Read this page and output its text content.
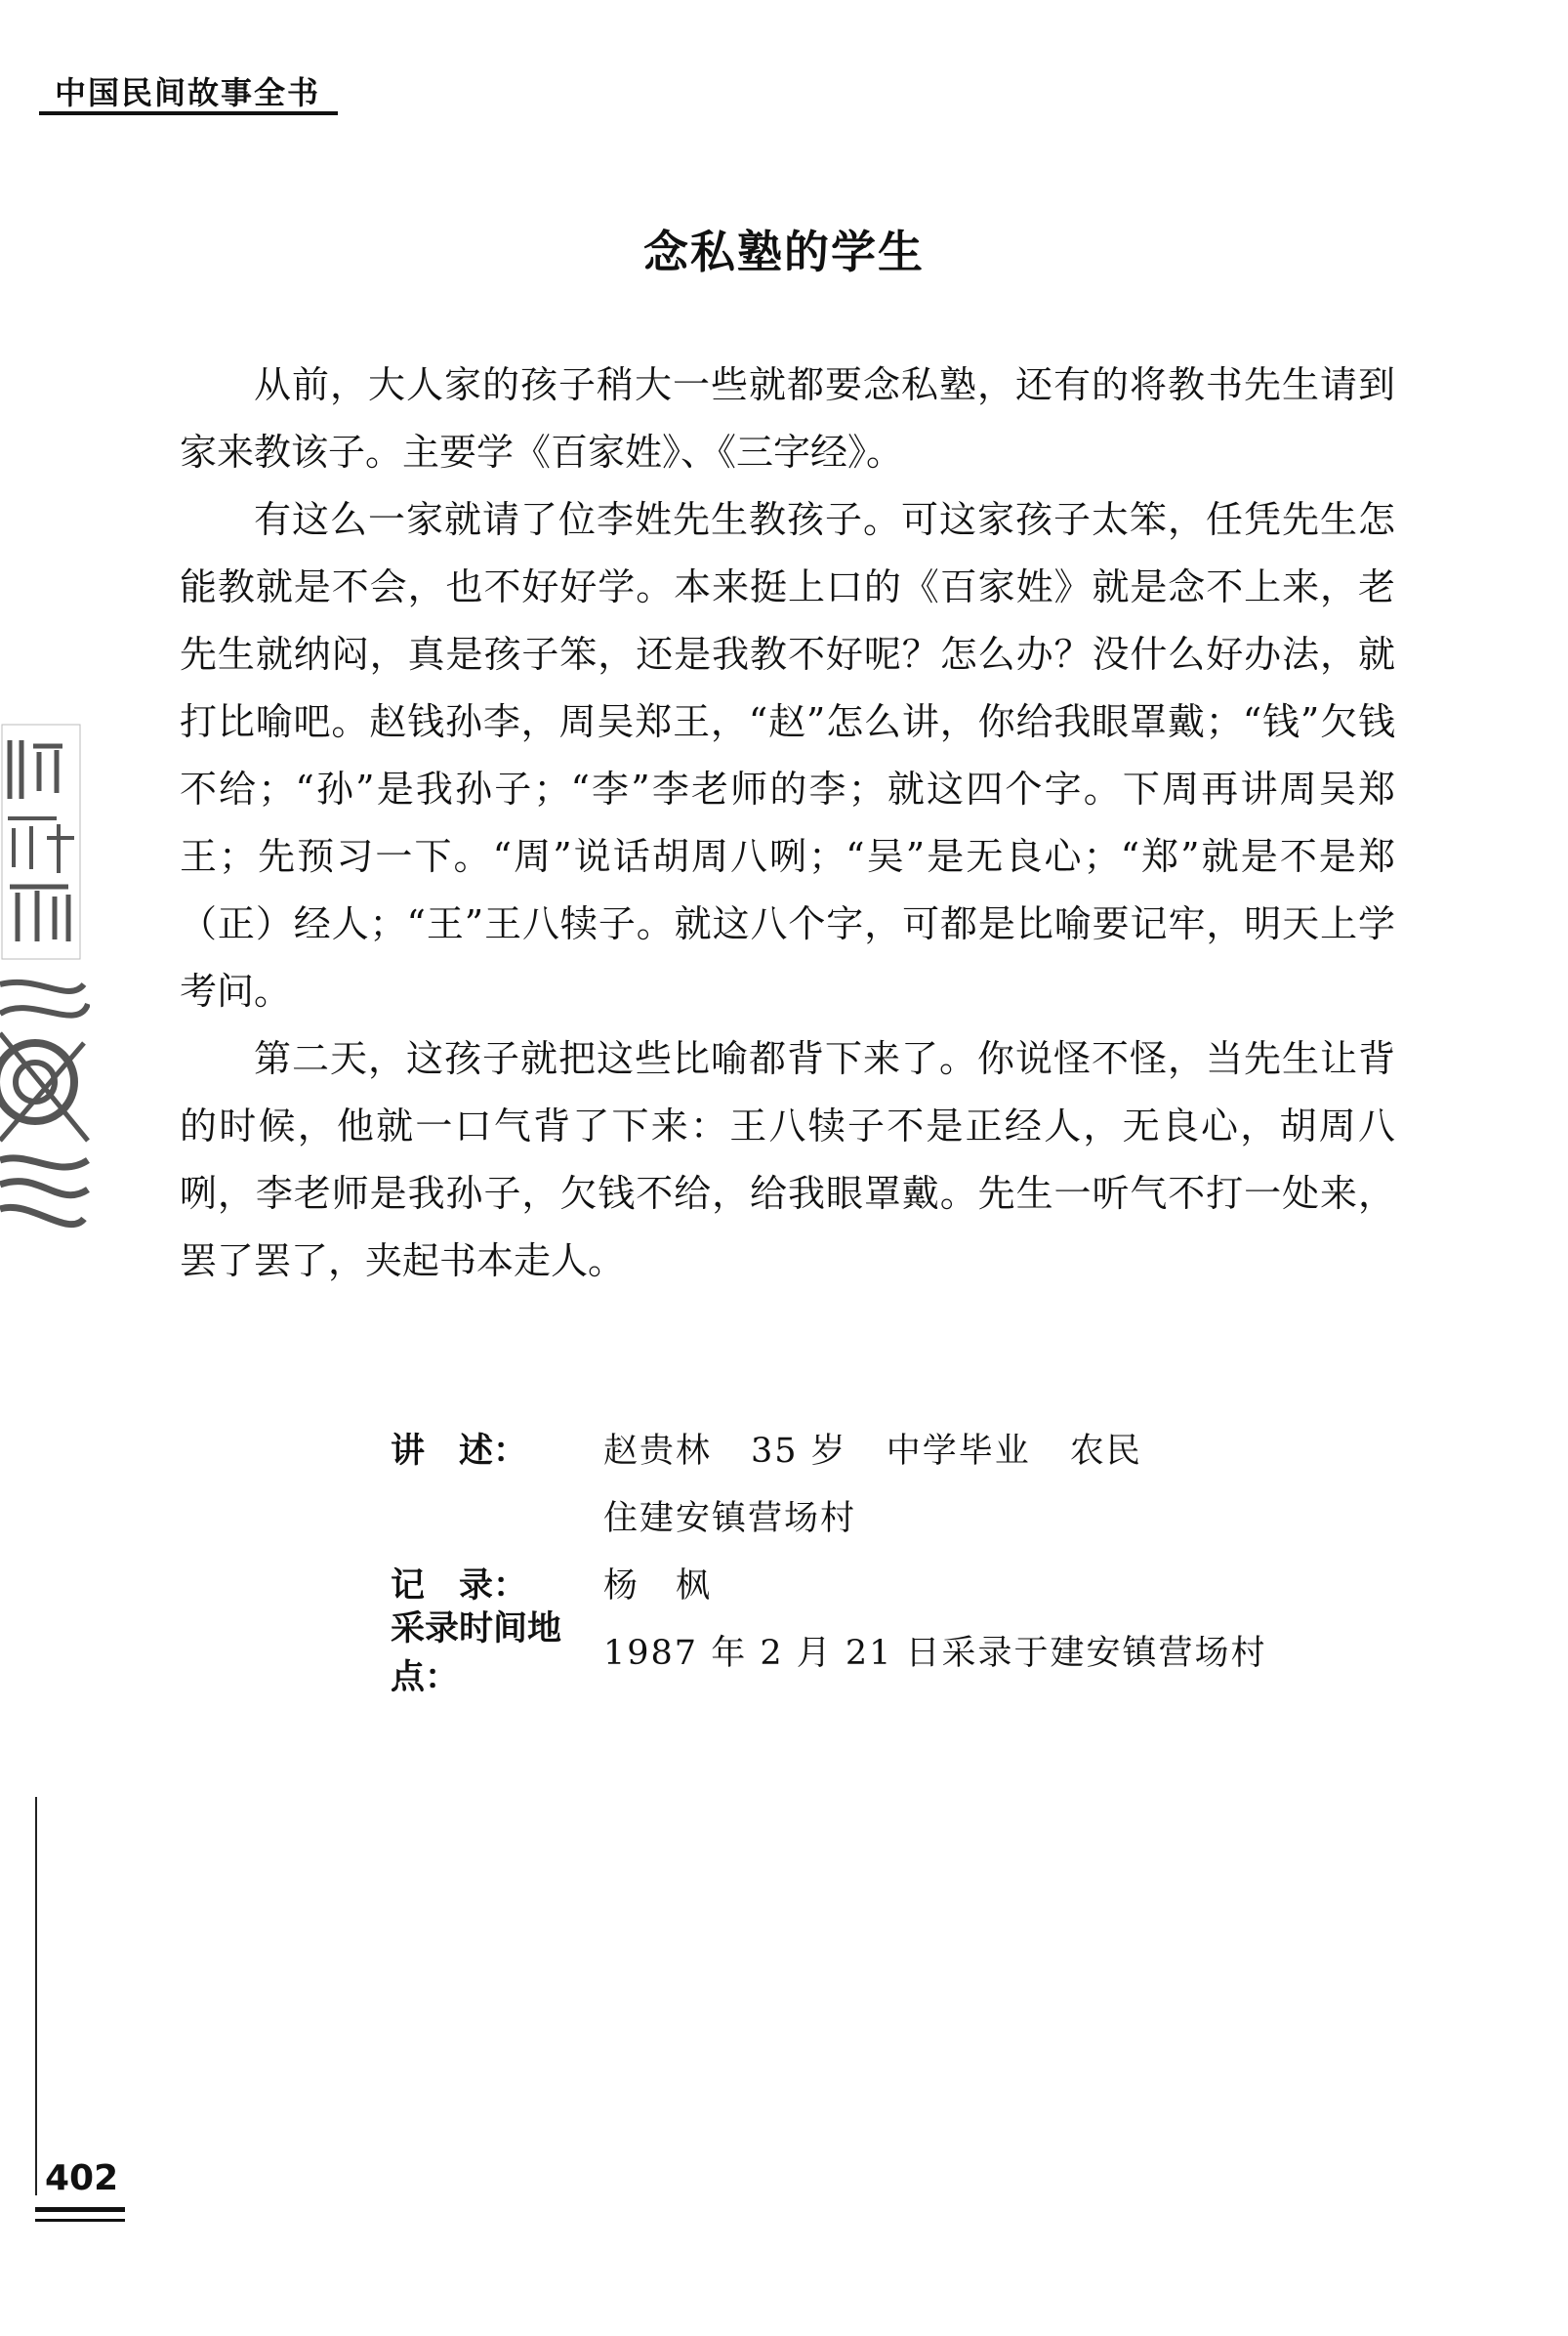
中国民间故事全书
念私塾的学生

从前，大人家的孩子稍大一些就都要念私塾，还有的将教书先生请到家来教该子。主要学《百家姓》、《三字经》。

有这么一家就请了位李姓先生教孩子。可这家孩子太笨，任凭先生怎能教就是不会，也不好好学。本来挺上口的《百家姓》就是念不上来，老先生就纳闷，真是孩子笨，还是我教不好呢？怎么办？没什么好办法，就打比喻吧。赵钱孙李，周吴郑王，“赵”怎么讲，你给我眼罩戴；“钱”欠钱不给；“孙”是我孙子；“李”李老师的李；就这四个字。下周再讲周吴郑王；先预习一下。“周”说话胡周八咧；“吴”是无良心；“郑”就是不是郑（正）经人；“王”王八犊子。就这八个字，可都是比喻要记牢，明天上学考问。

第二天，这孩子就把这些比喻都背下来了。你说怪不怪，当先生让背的时候，他就一口气背了下来：王八犊子不是正经人，无良心，胡周八咧，李老师是我孙子，欠钱不给，给我眼罩戴。先生一听气不打一处来，罢了罢了，夹起书本走人。

讲　述：	赵贵林 35 岁 中学毕业 农民
住建安镇营场村
记　录：	杨　枫
采录时间地点：
1987 年 2 月 21 日采录于建安镇营场村
402
